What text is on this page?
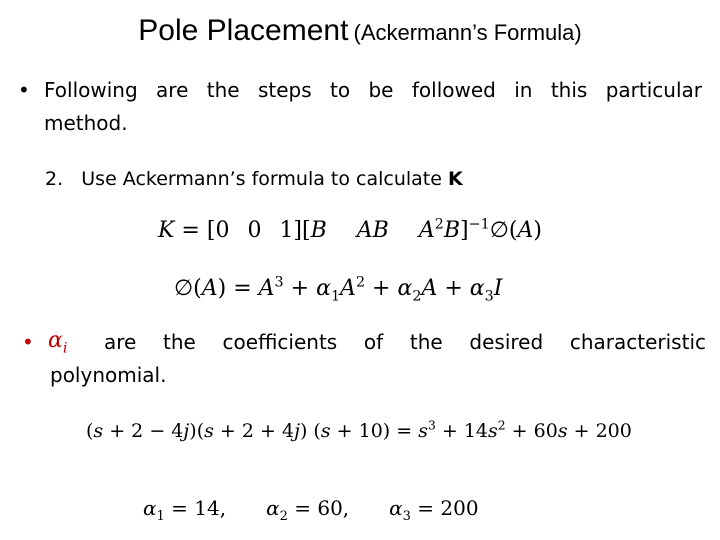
Pole Placement (Ackermann’s Formula)
• Following are the steps to be followed in this particular
method.
2. Use Ackermann’s formula to calculate K
K = [0 0 1][B AB $A^2B]^{-1}\emptyset(A)$
∅(A) = $A^3 + \alpha_1A^2 + \alpha_2A + \alpha_3I$
• $\alpha_i$ are the coefficients of the desired characteristic
polynomial.
(s + 2 − 4j)(s + 2 + 4j) $(s + 10) = s^3 + 14s^2 + 60s + 200$
$\alpha_1 = 14$, $\alpha_2 = 60$, $\alpha_3 = 200$
